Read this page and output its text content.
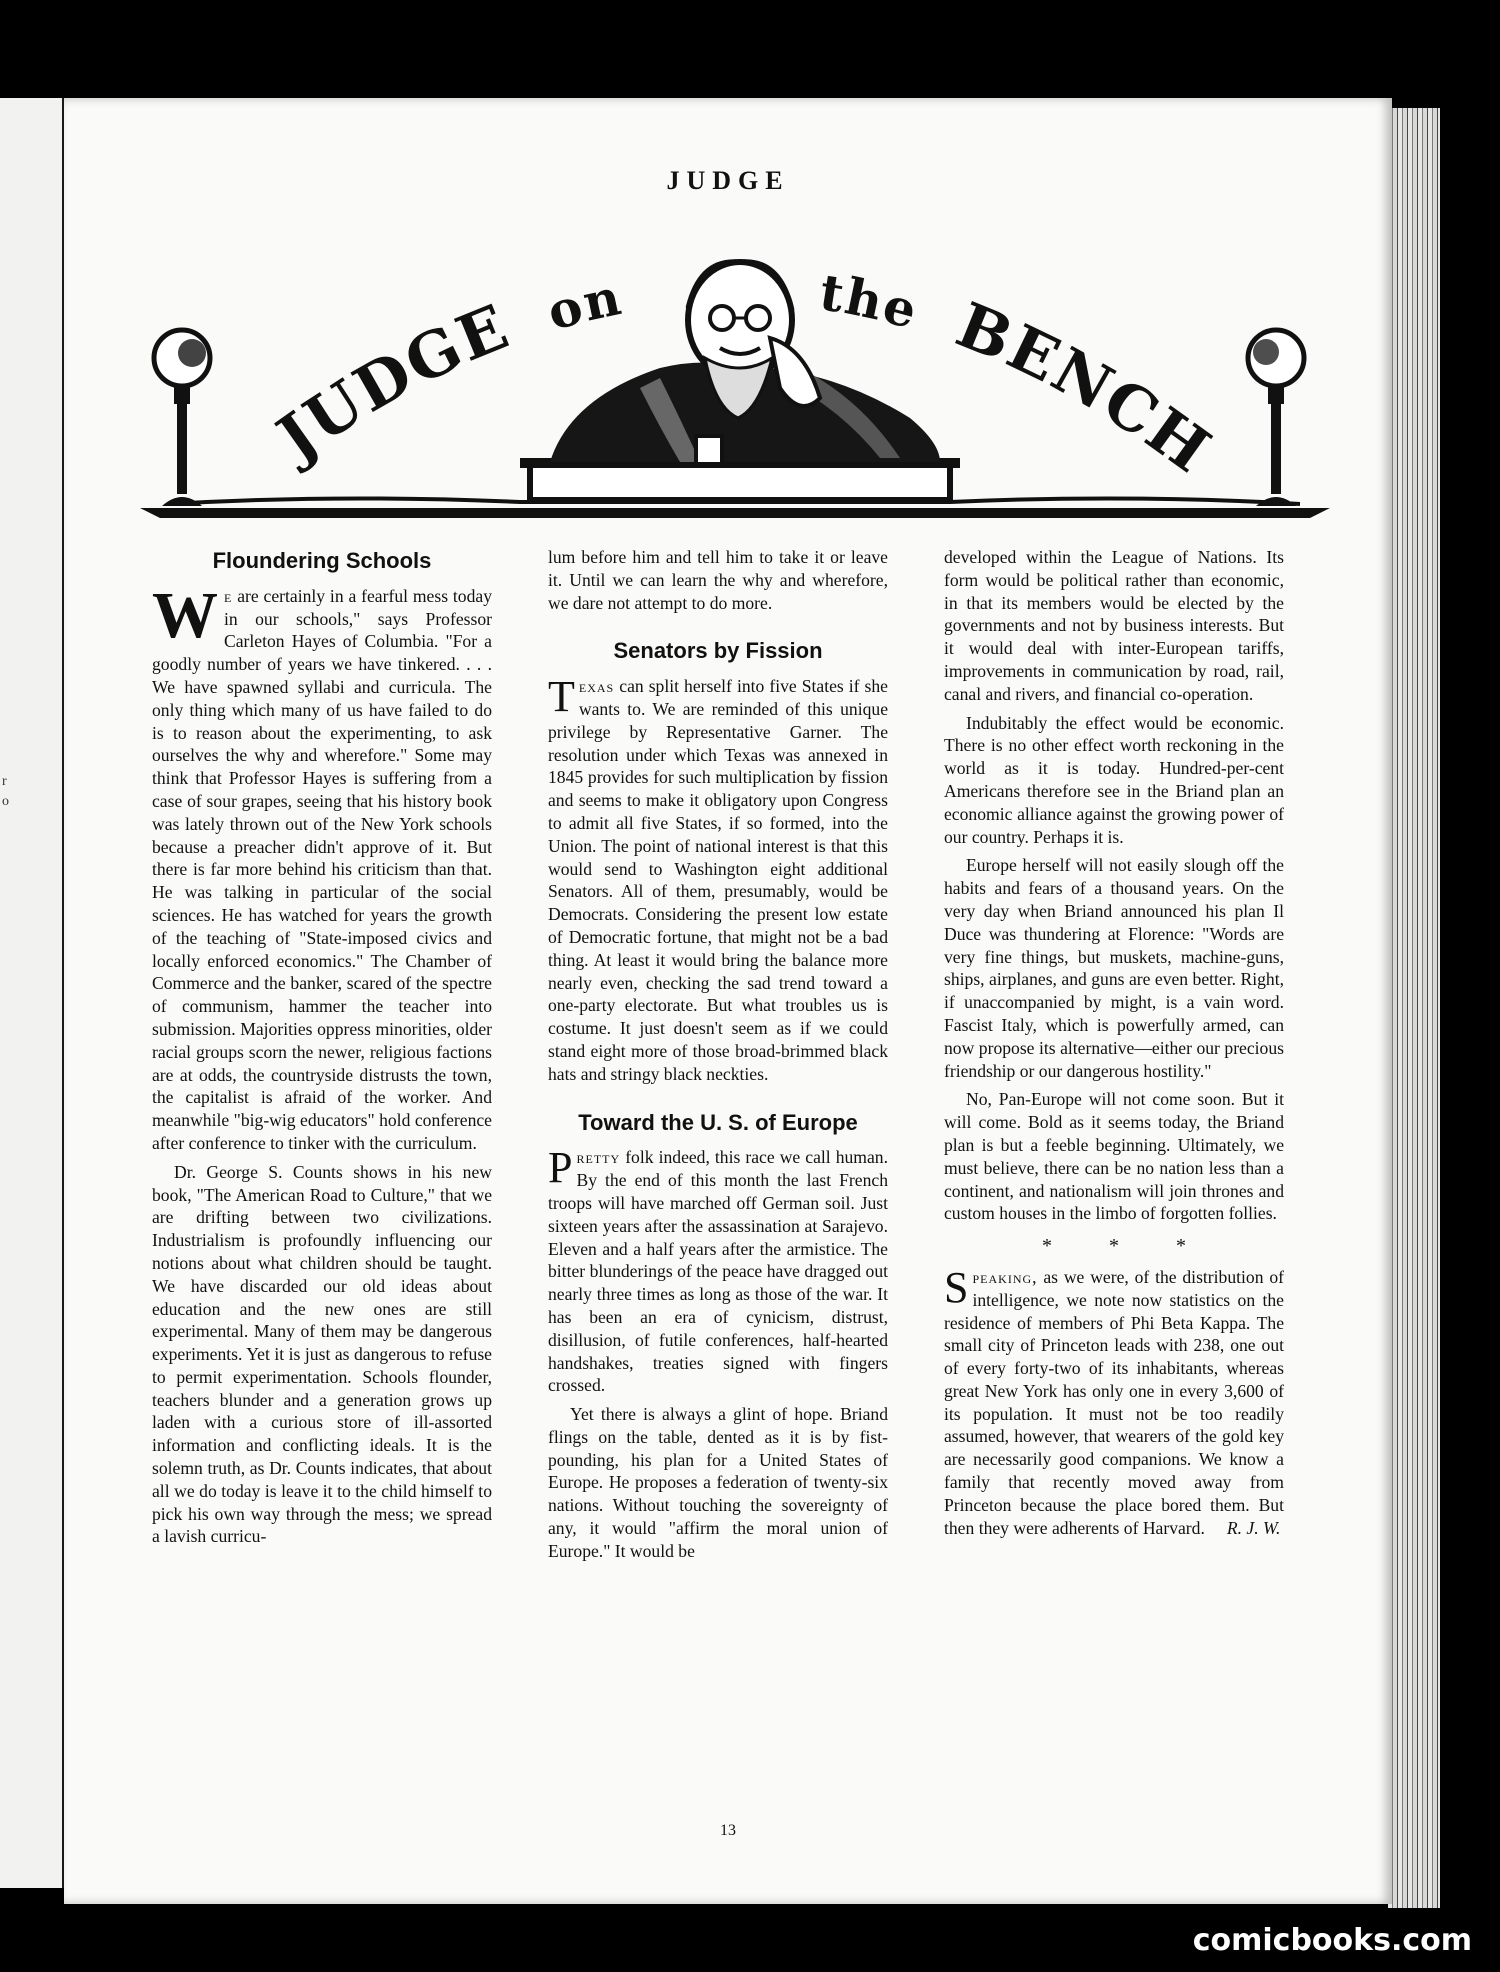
r
o
JUDGE
JUDGE on	the BENCH
Floundering Schools

We are certainly in a fearful mess today in our schools," says Professor Carleton Hayes of Columbia. "For a goodly number of years we have tinkered. . . . We have spawned syllabi and curricula. The only thing which many of us have failed to do is to reason about the experimenting, to ask ourselves the why and wherefore." Some may think that Professor Hayes is suffering from a case of sour grapes, seeing that his history book was lately thrown out of the New York schools because a preacher didn't approve of it. But there is far more behind his criticism than that. He was talking in particular of the social sciences. He has watched for years the growth of the teaching of "State-imposed civics and locally enforced economics." The Chamber of Commerce and the banker, scared of the spectre of communism, hammer the teacher into submission. Majorities oppress minorities, older racial groups scorn the newer, religious factions are at odds, the countryside distrusts the town, the capitalist is afraid of the worker. And meanwhile "big-wig educators" hold conference after conference to tinker with the curriculum.

Dr. George S. Counts shows in his new book, "The American Road to Culture," that we are drifting between two civilizations. Industrialism is profoundly influencing our notions about what children should be taught. We have discarded our old ideas about education and the new ones are still experimental. Many of them may be dangerous experiments. Yet it is just as dangerous to refuse to permit experimentation. Schools flounder, teachers blunder and a generation grows up laden with a curious store of ill-assorted information and conflicting ideals. It is the solemn truth, as Dr. Counts indicates, that about all we do today is leave it to the child himself to pick his own way through the mess; we spread a lavish curricu-

lum before him and tell him to take it or leave it. Until we can learn the why and wherefore, we dare not attempt to do more.

Senators by Fission

Texas can split herself into five States if she wants to. We are reminded of this unique privilege by Representative Garner. The resolution under which Texas was annexed in 1845 provides for such multiplication by fission and seems to make it obligatory upon Congress to admit all five States, if so formed, into the Union. The point of national interest is that this would send to Washington eight additional Senators. All of them, presumably, would be Democrats. Considering the present low estate of Democratic fortune, that might not be a bad thing. At least it would bring the balance more nearly even, checking the sad trend toward a one-party electorate. But what troubles us is costume. It just doesn't seem as if we could stand eight more of those broad-brimmed black hats and stringy black neckties.

Toward the U. S. of Europe

Pretty folk indeed, this race we call human. By the end of this month the last French troops will have marched off German soil. Just sixteen years after the assassination at Sarajevo. Eleven and a half years after the armistice. The bitter blunderings of the peace have dragged out nearly three times as long as those of the war. It has been an era of cynicism, distrust, disillusion, of futile conferences, half-hearted handshakes, treaties signed with fingers crossed.

Yet there is always a glint of hope. Briand flings on the table, dented as it is by fist-pounding, his plan for a United States of Europe. He proposes a federation of twenty-six nations. Without touching the sovereignty of any, it would "affirm the moral union of Europe." It would be

developed within the League of Nations. Its form would be political rather than economic, in that its members would be elected by the governments and not by business interests. But it would deal with inter-European tariffs, improvements in communication by road, rail, canal and rivers, and financial co-operation.

Indubitably the effect would be economic. There is no other effect worth reckoning in the world as it is today. Hundred-per-cent Americans therefore see in the Briand plan an economic alliance against the growing power of our country. Perhaps it is.

Europe herself will not easily slough off the habits and fears of a thousand years. On the very day when Briand announced his plan Il Duce was thundering at Florence: "Words are very fine things, but muskets, machine-guns, ships, airplanes, and guns are even better. Right, if unaccompanied by might, is a vain word. Fascist Italy, which is powerfully armed, can now propose its alternative—either our precious friendship or our dangerous hostility."

No, Pan-Europe will not come soon. But it will come. Bold as it seems today, the Briand plan is but a feeble beginning. Ultimately, we must believe, there can be no nation less than a continent, and nationalism will join thrones and custom houses in the limbo of forgotten follies.

* * *

Speaking, as we were, of the distribution of intelligence, we note now statistics on the residence of members of Phi Beta Kappa. The small city of Princeton leads with 238, one out of every forty-two of its inhabitants, whereas great New York has only one in every 3,600 of its population. It must not be too readily assumed, however, that wearers of the gold key are necessarily good companions. We know a family that recently moved away from Princeton because the place bored them. But then they were adherents of Harvard. R. J. W.

13
comicbooks.com
